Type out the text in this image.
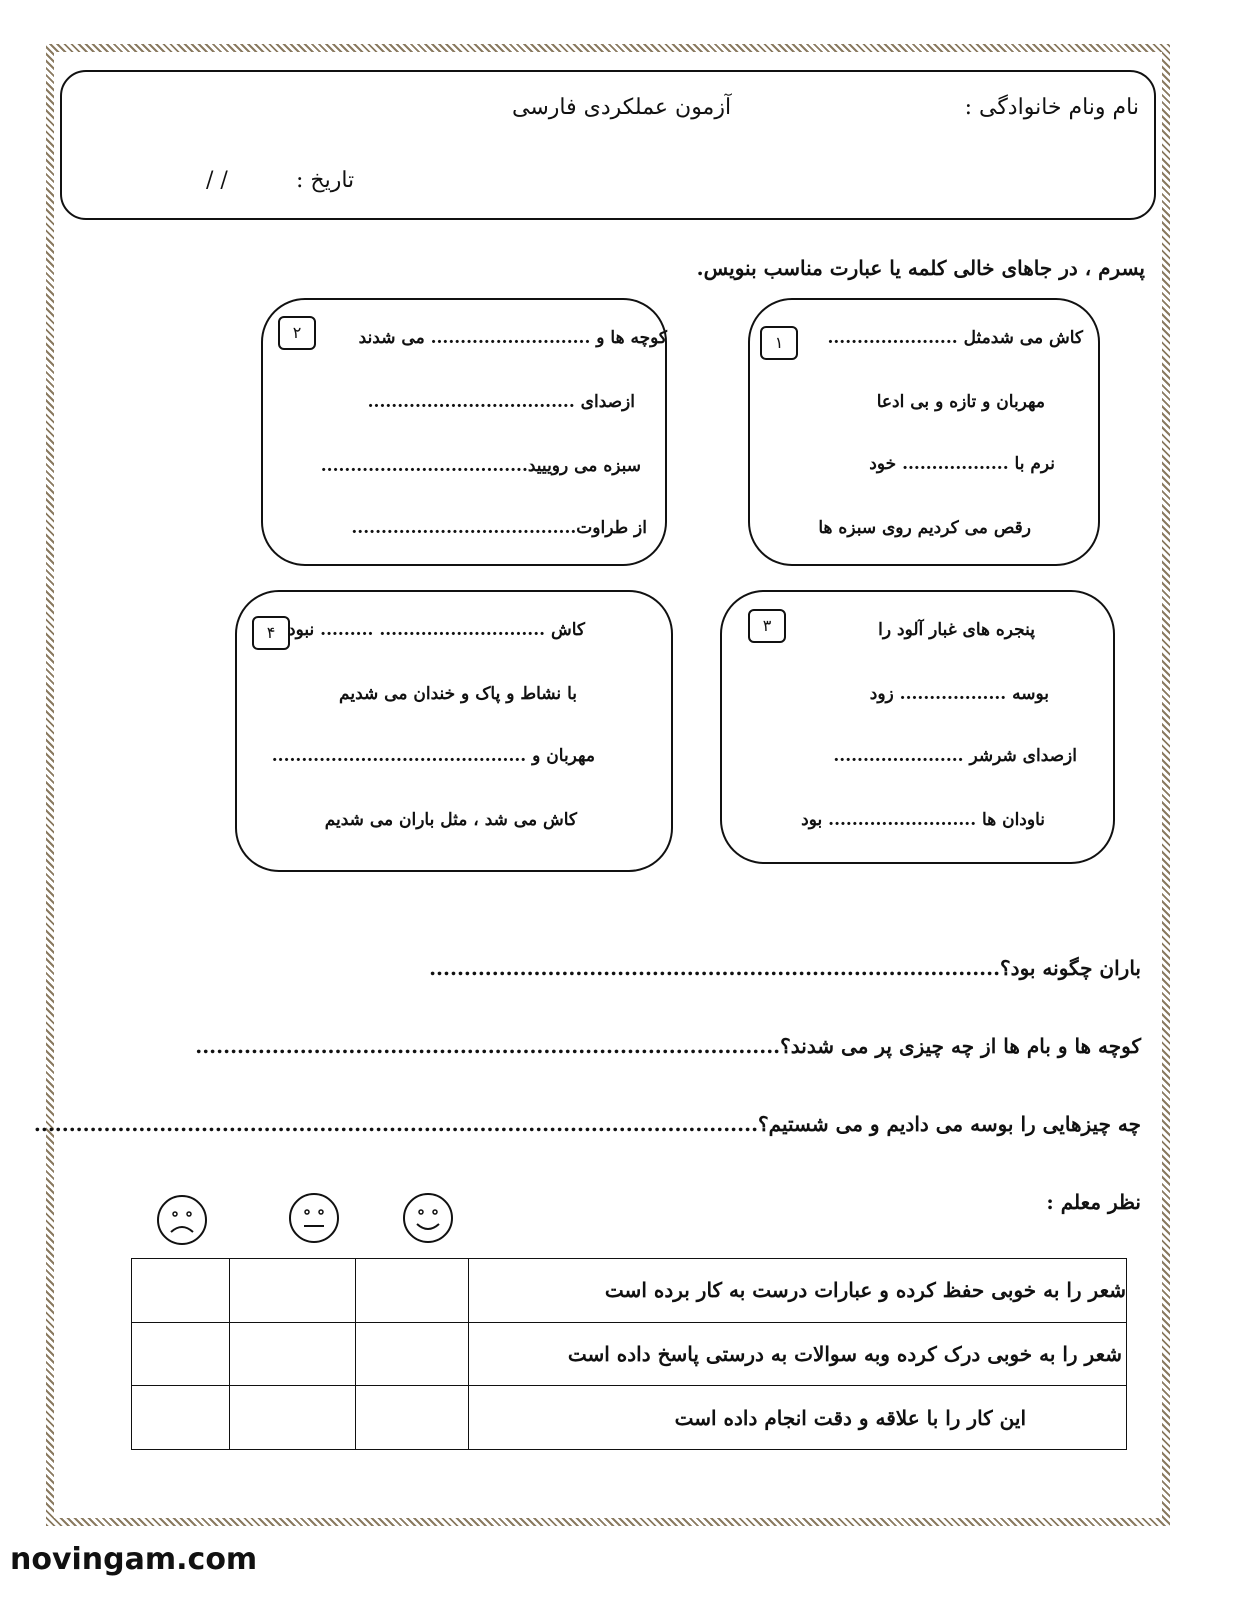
نام ونام خانوادگی :
آزمون عملکردی فارسی
تاریخ :
/ /
پسرم ، در جاهای خالی کلمه یا عبارت مناسب بنویس.
۱	کاش می شدمثل ......................
مهربان و تازه و بی ادعا
نرم با .................. خود
رقص می کردیم روی سبزه ها
۲	کوچه ها و ........................... می شدند
ازصدای ...................................
سبزه می روییید...................................
از طراوت......................................
۳	پنجره های غبار آلود را
بوسه .................. زود
ازصدای شرشر ......................
ناودان ها ......................... بود
۴ کاش ............................ ......... نبود
با نشاط و پاک و خندان می شدیم
مهربان و ...........................................
کاش می شد ، مثل باران می شدیم
باران چگونه بود؟..................................................................................
کوچه ها و بام ها از چه چیزی پر می شدند؟....................................................................................
چه چیزهایی را بوسه می دادیم و می شستیم؟........................................................................................................
نظر معلم :
			شعر را به خوبی حفظ کرده و عبارات درست به کار برده است
			شعر را به خوبی درک کرده وبه سوالات به درستی پاسخ داده است
			این کار را با علاقه و دقت انجام داده است
novingam.com
